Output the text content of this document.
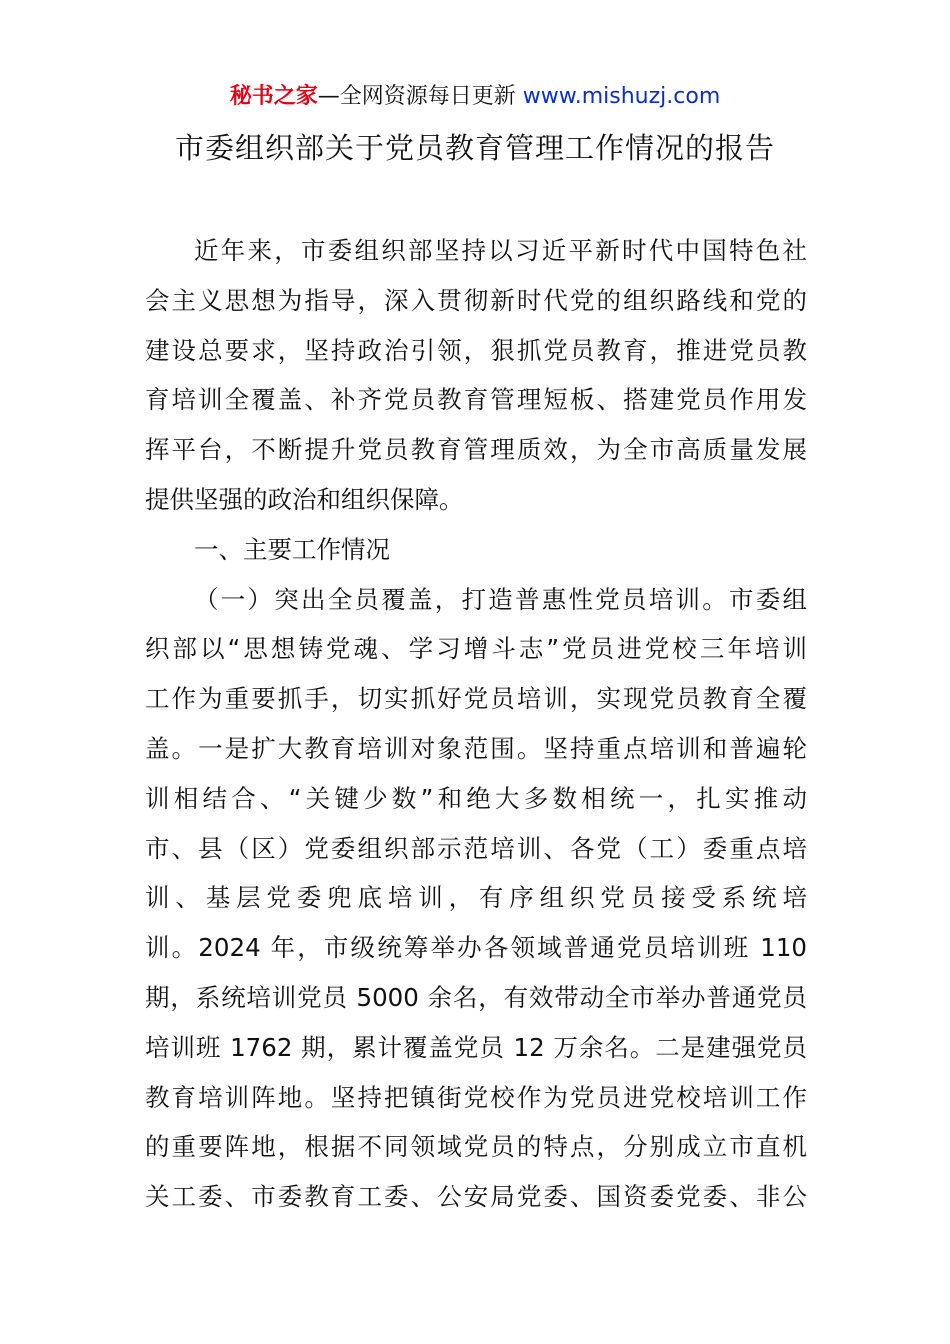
秘书之家—全网资源每日更新 www.mishuzj.com
市委组织部关于党员教育管理工作情况的报告
近年来，市委组织部坚持以习近平新时代中国特色社
会主义思想为指导，深入贯彻新时代党的组织路线和党的
建设总要求，坚持政治引领，狠抓党员教育，推进党员教
育培训全覆盖、补齐党员教育管理短板、搭建党员作用发
挥平台，不断提升党员教育管理质效，为全市高质量发展
提供坚强的政治和组织保障。
一、主要工作情况
（一）突出全员覆盖，打造普惠性党员培训。市委组
织部以“思想铸党魂、学习增斗志”党员进党校三年培训
工作为重要抓手，切实抓好党员培训，实现党员教育全覆
盖。一是扩大教育培训对象范围。坚持重点培训和普遍轮
训相结合、“关键少数”和绝大多数相统一，扎实推动
市、县（区）党委组织部示范培训、各党（工）委重点培
训、基层党委兜底培训，有序组织党员接受系统培
训。2024 年，市级统筹举办各领域普通党员培训班 110
期，系统培训党员 5000 余名，有效带动全市举办普通党员
培训班 1762 期，累计覆盖党员 12 万余名。二是建强党员
教育培训阵地。坚持把镇街党校作为党员进党校培训工作
的重要阵地，根据不同领域党员的特点，分别成立市直机
关工委、市委教育工委、公安局党委、国资委党委、非公
